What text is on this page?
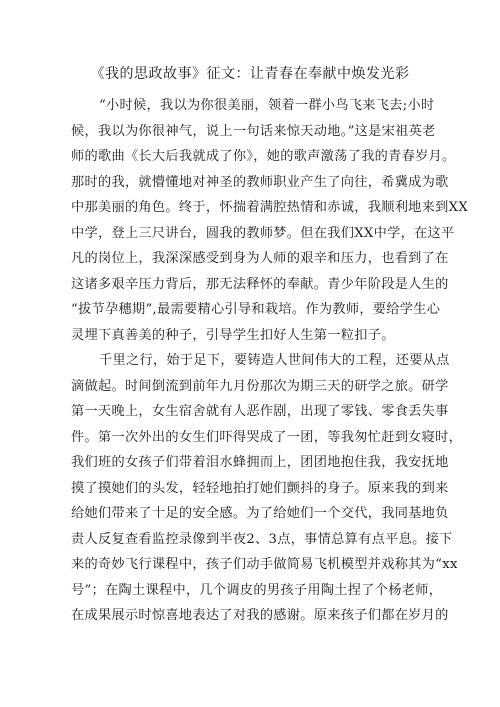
《我的思政故事》征文：让青春在奉献中焕发光彩
“小时候，我以为你很美丽，领着一群小鸟飞来飞去;小时
候，我以为你很神气，说上一句话来惊天动地。”这是宋祖英老
师的歌曲《长大后我就成了你》，她的歌声激荡了我的青春岁月。
那时的我，就懵懂地对神圣的教师职业产生了向往，希冀成为歌
中那美丽的角色。终于，怀揣着满腔热情和赤诚，我顺利地来到XX
中学，登上三尺讲台，圆我的教师梦。但在我们XX中学，在这平
凡的岗位上，我深深感受到身为人师的艰辛和压力，也看到了在
这诸多艰辛压力背后，那无法释怀的奉献。青少年阶段是人生的
“拔节孕穗期”,最需要精心引导和栽培。作为教师，要给学生心
灵埋下真善美的种子，引导学生扣好人生第一粒扣子。
千里之行，始于足下，要铸造人世间伟大的工程，还要从点
滴做起。时间倒流到前年九月份那次为期三天的研学之旅。研学
第一天晚上，女生宿舍就有人恶作剧，出现了零钱、零食丢失事
件。第一次外出的女生们吓得哭成了一团，等我匆忙赶到女寝时，
我们班的女孩子们带着泪水蜂拥而上，团团地抱住我，我安抚地
摸了摸她们的头发，轻轻地拍打她们颤抖的身子。原来我的到来
给她们带来了十足的安全感。为了给她们一个交代，我同基地负
责人反复查看监控录像到半夜2、3点，事情总算有点平息。接下
来的奇妙飞行课程中，孩子们动手做简易飞机模型并戏称其为“xx
号”；在陶土课程中，几个调皮的男孩子用陶土捏了个杨老师，
在成果展示时惊喜地表达了对我的感谢。原来孩子们都在岁月的
